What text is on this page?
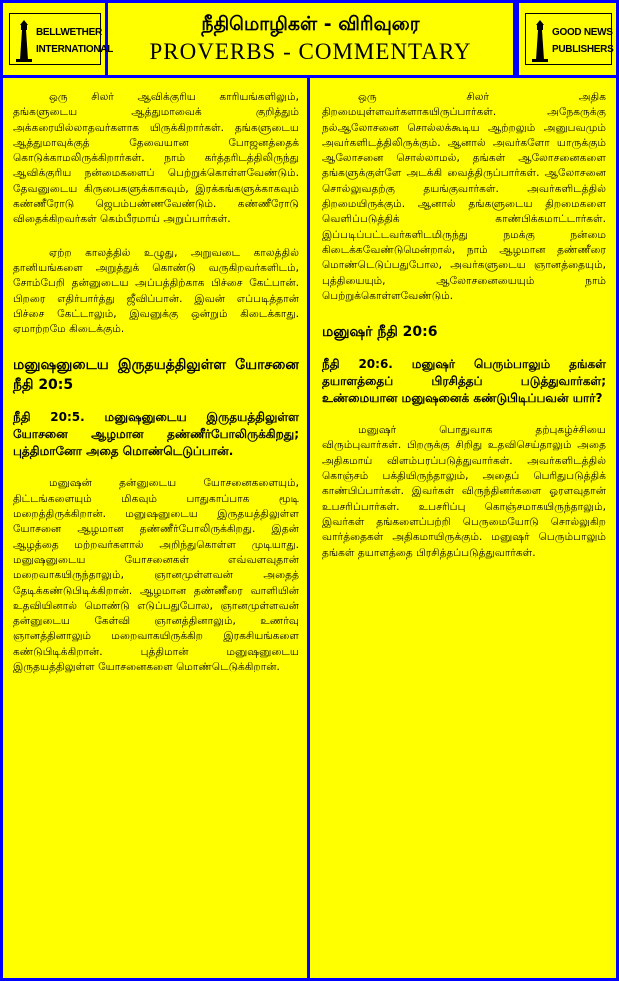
BELLWETHER
INTERNATIONAL
நீதிமொழிகள் - விரிவுரை
PROVERBS - COMMENTARY
GOOD NEWS
PUBLISHERS

ஒரு சிலர் ஆவிக்குரிய காரியங்களிலும், தங்களுடைய ஆத்துமாவைக் குறித்தும் அக்கரையில்லாதவர்களாக யிருக்கிறார்கள். தங்களுடைய ஆத்துமாவுக்குத் தேவையான போஜனத்தைக் கொடுக்காமலிருக்கிறார்கள். நாம் கர்த்தரிடத்திலிருந்து ஆவிக்குரிய நன்மைகளைப் பெற்றுக்கொள்ளவேண்டும். தேவனுடைய கிருபைகளுக்காகவும், இரக்கங்களுக்காகவும் கண்ணீரோடு ஜெபம்பண்ணவேண்டும். கண்ணீரோடு விதைக்கிறவர்கள் கெம்பீரமாய் அறுப்பார்கள்.

ஏற்ற காலத்தில் உழுது, அறுவடை காலத்தில் தானியங்களை அறுத்துக் கொண்டு வருகிறவர்களிடம், சோம்பேறி தன்னுடைய அப்பத்திற்காக பிச்சை கேட்பான். பிறரை எதிர்பார்த்து ஜீவிப்பான். இவன் எப்படித்தான் பிச்சை கேட்டாலும், இவனுக்கு ஒன்றும் கிடைக்காது. ஏமாற்றமே கிடைக்கும்.

மனுஷனுடைய இருதயத்திலுள்ள யோசனை நீதி 20:5
நீதி 20:5. மனுஷனுடைய இருதயத்திலுள்ள யோசனை ஆழமான தண்ணீர்போலிருக்கிறது; புத்திமானோ அதை மொண்டெடுப்பான்.

மனுஷன் தன்னுடைய யோசனைகளையும், திட்டங்களையும் மிகவும் பாதுகாப்பாக மூடி மறைத்திருக்கிறான். மனுஷனுடைய இருதயத்திலுள்ள யோசனை ஆழமான தண்ணீர்போலிருக்கிறது. இதன் ஆழத்தை மற்றவர்களால் அறிந்துகொள்ள முடியாது. மனுஷனுடைய யோசனைகள் எவ்வளவுதான் மறைவாகயிருந்தாலும், ஞானமுள்ளவன் அதைத் தேடிக்கண்டுபிடிக்கிறான். ஆழமான தண்ணீரை வாளியின் உதவியினால் மொண்டு எடுப்பதுபோல, ஞானமுள்ளவன் தன்னுடைய கேள்வி ஞானத்தினாலும், உணர்வு ஞானத்தினாலும் மறைவாகயிருக்கிற இரகசியங்களை கண்டுபிடிக்கிறான். புத்திமான் மனுஷனுடைய இருதயத்திலுள்ள யோசனைகளை மொண்டெடுக்கிறான்.

ஒரு சிலர் அதிக திறமையுள்ளவர்களாகயிருப்பார்கள். அநேகருக்கு நல்ஆலோசனை சொல்லக்கூடிய ஆற்றலும் அனுபவமும் அவர்களிடத்திலிருக்கும். ஆனால் அவர்களோ யாருக்கும் ஆலோசனை சொல்லாமல், தங்கள் ஆலோசனைகளை தங்களுக்குள்ளே அடக்கி வைத்திருப்பார்கள். ஆலோசனை சொல்லுவதற்கு தயங்குவார்கள். அவர்களிடத்தில் திறமையிருக்கும். ஆனால் தங்களுடைய திறமைகளை வெளிப்படுத்திக் காண்பிக்கமாட்டார்கள். இப்படிப்பட்டவர்களிடமிருந்து நமக்கு நன்மை கிடைக்கவேண்டுமென்றால், நாம் ஆழமான தண்ணீரை மொண்டெடுப்பதுபோல, அவர்களுடைய ஞானத்தையும், புத்தியையும், ஆலோசனையையும் நாம் பெற்றுக்கொள்ளவேண்டும்.

மனுஷர் நீதி 20:6
நீதி 20:6. மனுஷர் பெரும்பாலும் தங்கள் தயாளத்தைப் பிரசித்தப் படுத்துவார்கள்; உண்மையான மனுஷனைக் கண்டுபிடிப்பவன் யார்?

மனுஷர் பொதுவாக தற்புகழ்ச்சியை விரும்புவார்கள். பிறருக்கு சிறிது உதவிசெய்தாலும் அதை அதிகமாய் விளம்பரப்படுத்துவார்கள். அவர்களிடத்தில் கொஞ்சம் பக்தியிருந்தாலும், அதைப் பெரிதுபடுத்திக் காண்பிப்பார்கள். இவர்கள் விருந்தினர்களை ஓரளவுதான் உபசரிப்பார்கள். உபசரிப்பு கொஞ்சமாகயிருந்தாலும், இவர்கள் தங்களைப்பற்றி பெருமையோடு சொல்லுகிற வார்த்தைகள் அதிகமாயிருக்கும். மனுஷர் பெரும்பாலும் தங்கள் தயாளத்தை பிரசித்தப்படுத்துவார்கள்.
